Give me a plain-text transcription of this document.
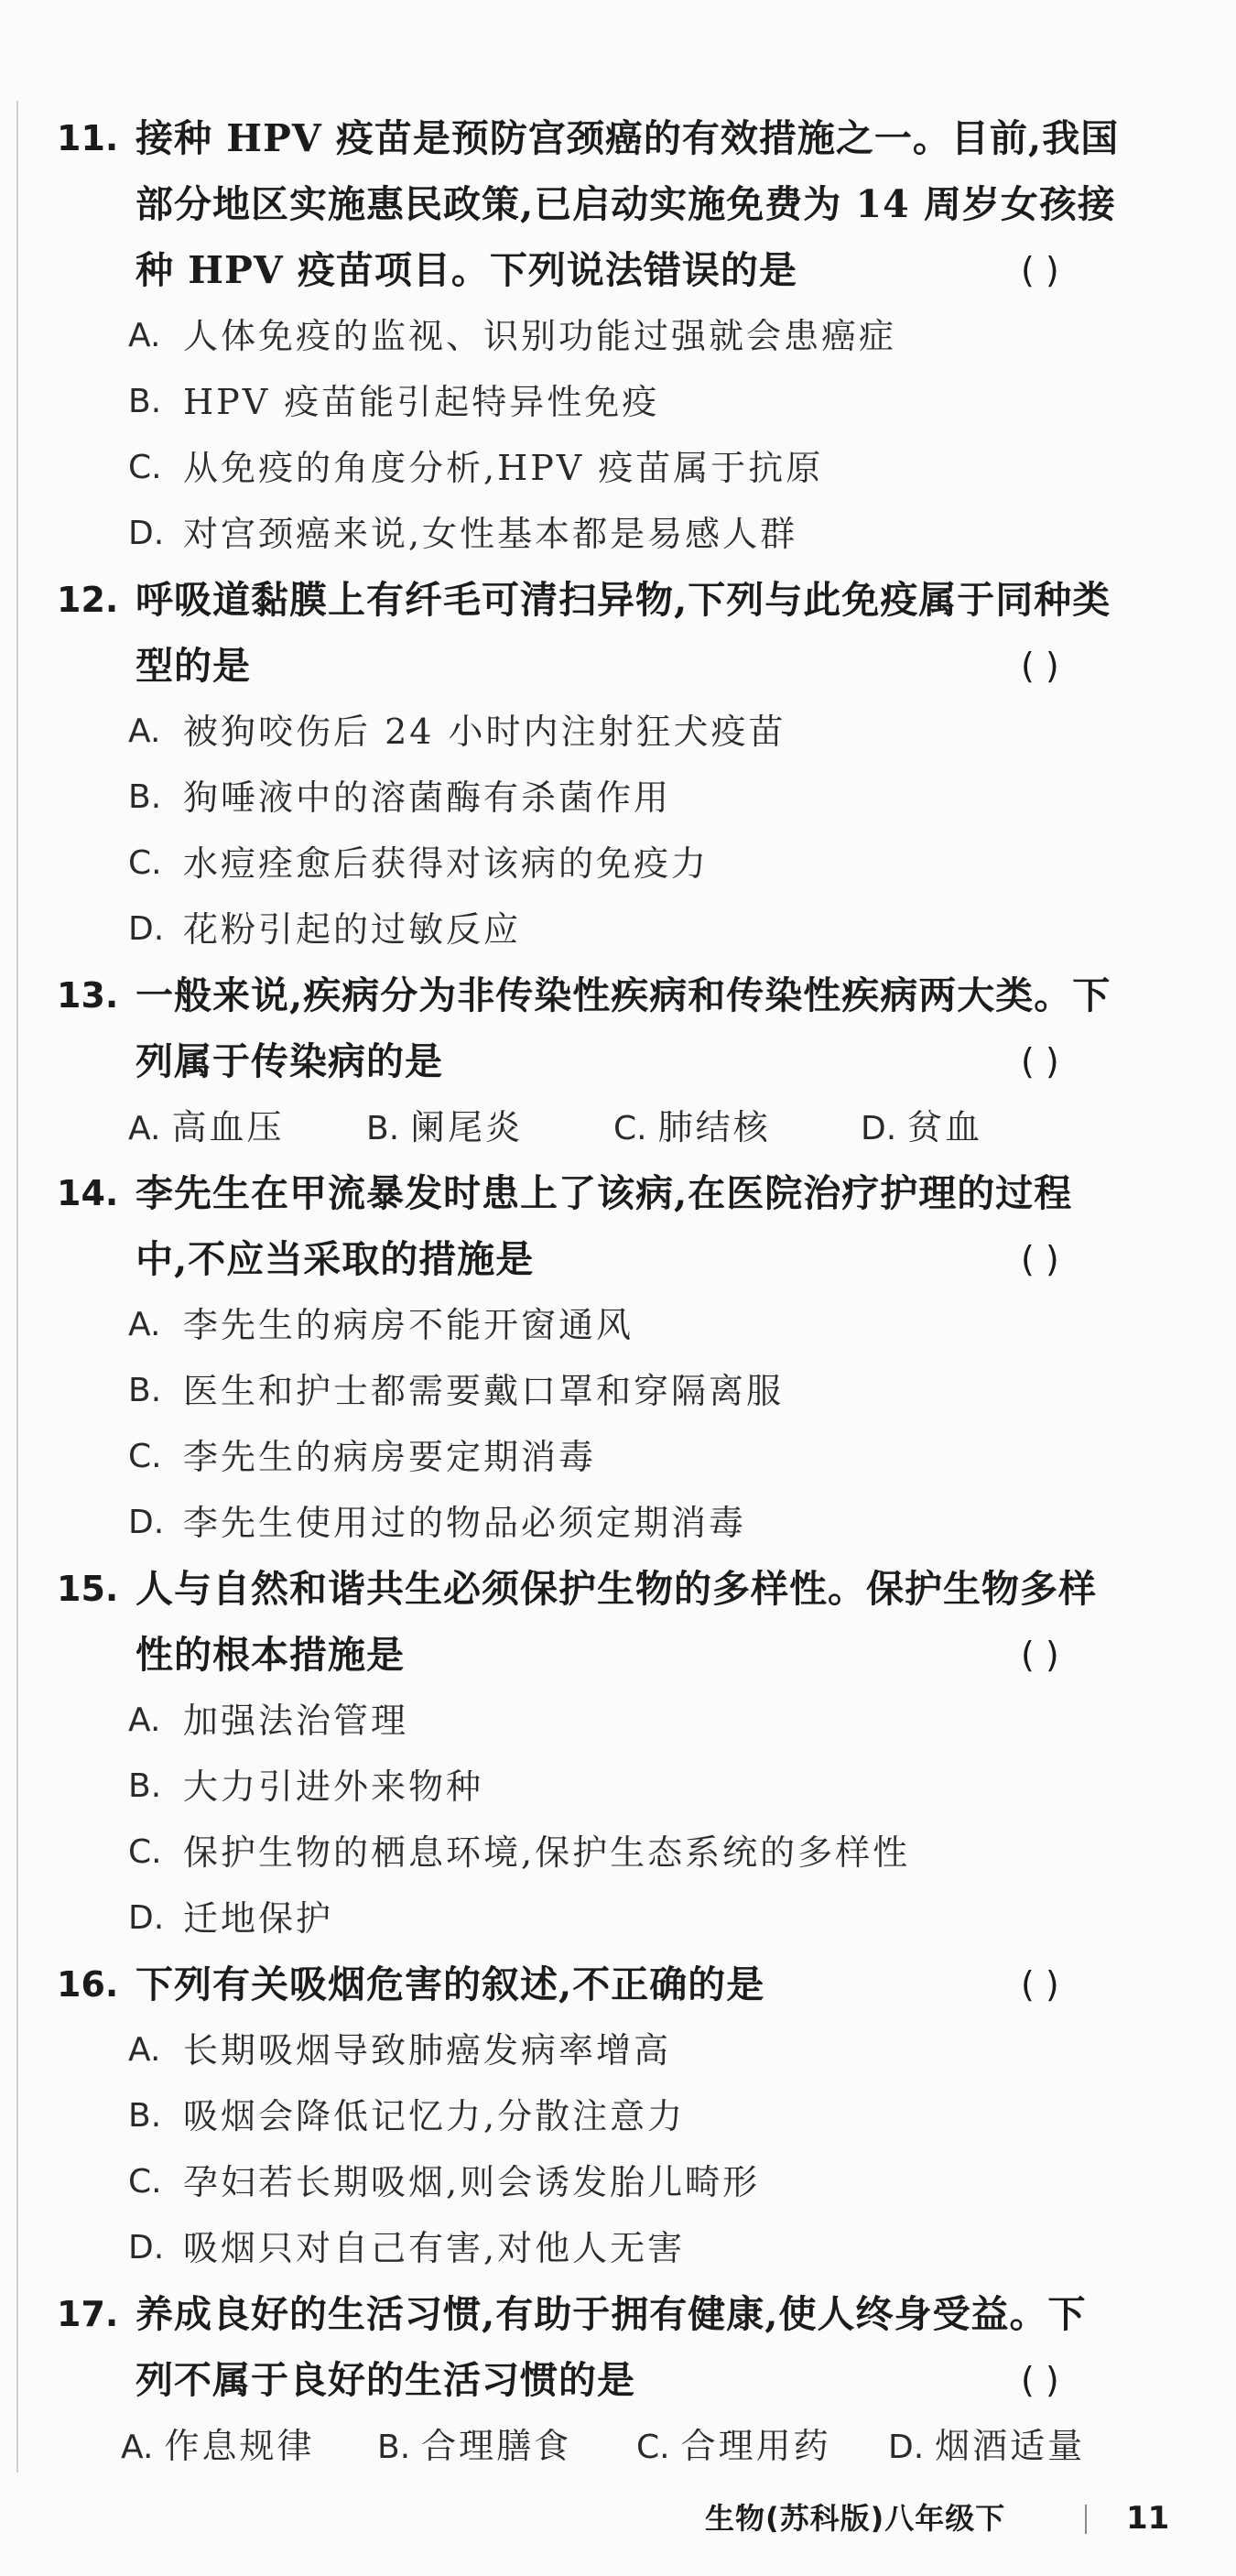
11. 接种 HPV 疫苗是预防宫颈癌的有效措施之一。目前,我国
部分地区实施惠民政策,已启动实施免费为 14 周岁女孩接
种 HPV 疫苗项目。下列说法错误的是	( )
A. 人体免疫的监视、识别功能过强就会患癌症
B. HPV 疫苗能引起特异性免疫
C. 从免疫的角度分析,HPV 疫苗属于抗原
D. 对宫颈癌来说,女性基本都是易感人群
12. 呼吸道黏膜上有纤毛可清扫异物,下列与此免疫属于同种类
型的是	( )
A. 被狗咬伤后 24 小时内注射狂犬疫苗
B. 狗唾液中的溶菌酶有杀菌作用
C. 水痘痊愈后获得对该病的免疫力
D. 花粉引起的过敏反应
13. 一般来说,疾病分为非传染性疾病和传染性疾病两大类。下
列属于传染病的是	( )
A. 高血压 B. 阑尾炎	C. 肺结核	D. 贫血
14. 李先生在甲流暴发时患上了该病,在医院治疗护理的过程
中,不应当采取的措施是	( )
A. 李先生的病房不能开窗通风
B. 医生和护士都需要戴口罩和穿隔离服
C. 李先生的病房要定期消毒
D. 李先生使用过的物品必须定期消毒
15. 人与自然和谐共生必须保护生物的多样性。保护生物多样
性的根本措施是	( )
A. 加强法治管理
B. 大力引进外来物种
C. 保护生物的栖息环境,保护生态系统的多样性
D. 迁地保护
16. 下列有关吸烟危害的叙述,不正确的是	( )
A. 长期吸烟导致肺癌发病率增高
B. 吸烟会降低记忆力,分散注意力
C. 孕妇若长期吸烟,则会诱发胎儿畸形
D. 吸烟只对自己有害,对他人无害
17. 养成良好的生活习惯,有助于拥有健康,使人终身受益。下
列不属于良好的生活习惯的是	( )
A. 作息规律 B. 合理膳食 C. 合理用药 D. 烟酒适量
生物(苏科版)八年级下	11
